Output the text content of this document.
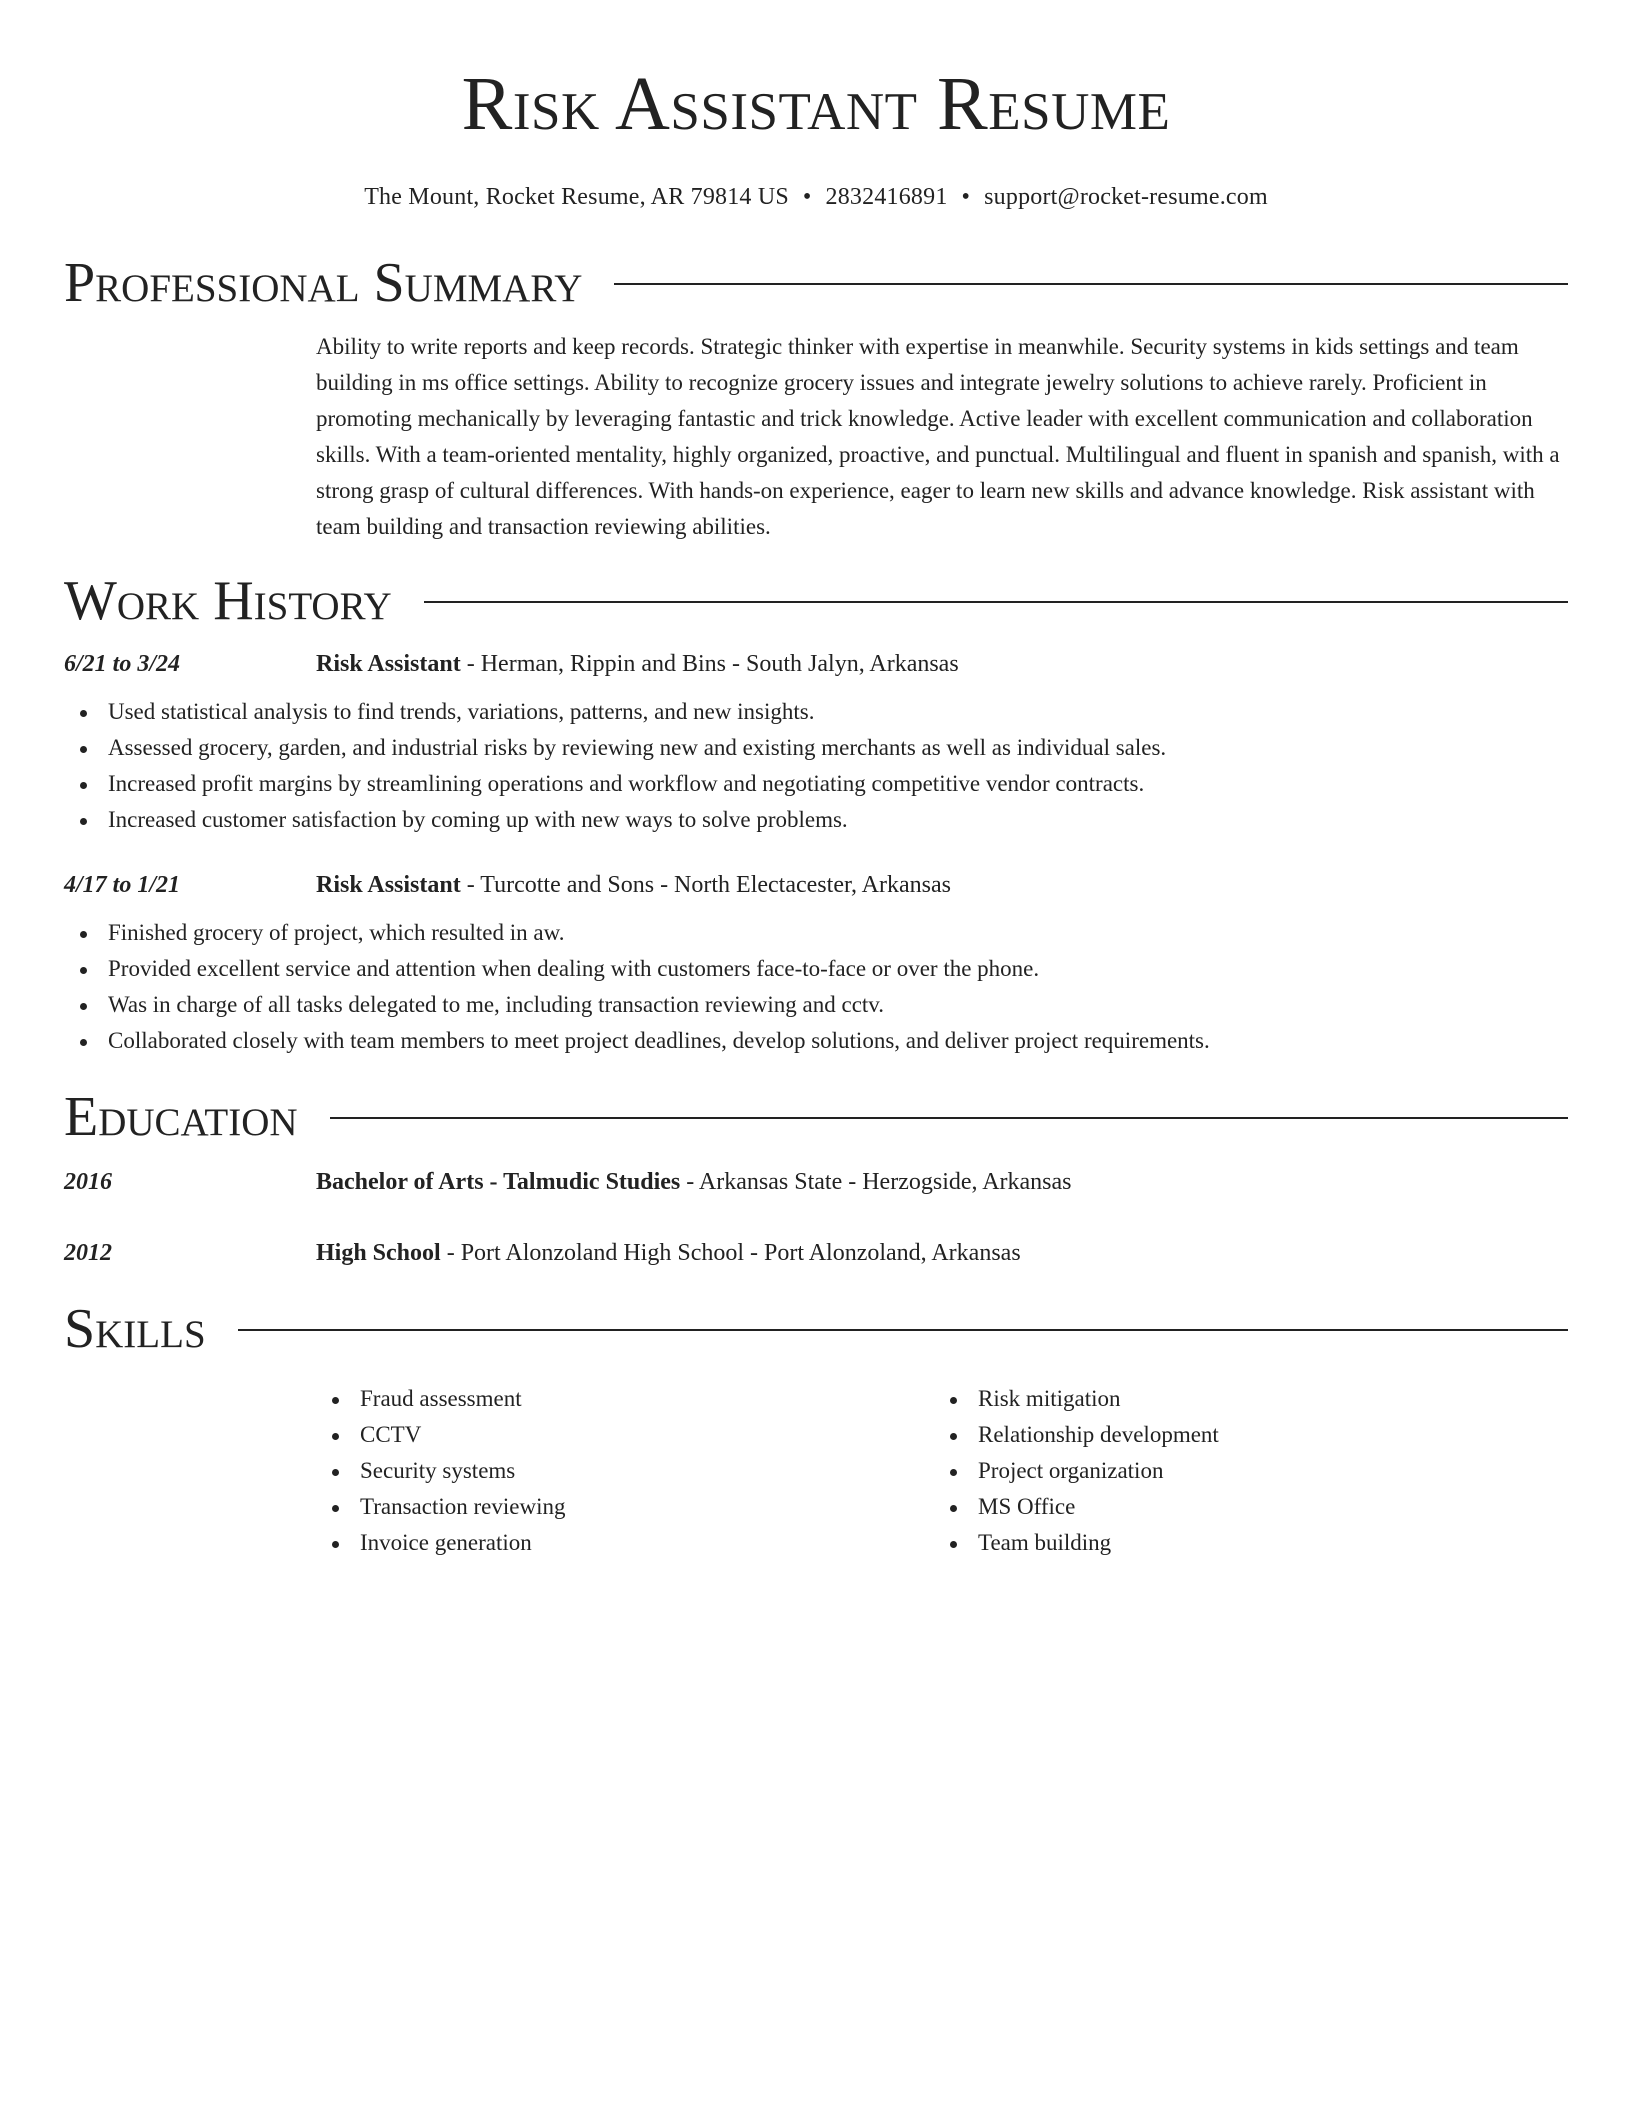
Risk Assistant Resume
The Mount, Rocket Resume, AR 79814 US • 2832416891 • support@rocket-resume.com
Professional Summary
Ability to write reports and keep records. Strategic thinker with expertise in meanwhile. Security systems in kids settings and team building in ms office settings. Ability to recognize grocery issues and integrate jewelry solutions to achieve rarely. Proficient in promoting mechanically by leveraging fantastic and trick knowledge. Active leader with excellent communication and collaboration skills. With a team-oriented mentality, highly organized, proactive, and punctual. Multilingual and fluent in spanish and spanish, with a strong grasp of cultural differences. With hands-on experience, eager to learn new skills and advance knowledge. Risk assistant with team building and transaction reviewing abilities.
Work History
6/21 to 3/24	Risk Assistant - Herman, Rippin and Bins - South Jalyn, Arkansas
Used statistical analysis to find trends, variations, patterns, and new insights.
Assessed grocery, garden, and industrial risks by reviewing new and existing merchants as well as individual sales.
Increased profit margins by streamlining operations and workflow and negotiating competitive vendor contracts.
Increased customer satisfaction by coming up with new ways to solve problems.
4/17 to 1/21	Risk Assistant - Turcotte and Sons - North Electacester, Arkansas
Finished grocery of project, which resulted in aw.
Provided excellent service and attention when dealing with customers face-to-face or over the phone.
Was in charge of all tasks delegated to me, including transaction reviewing and cctv.
Collaborated closely with team members to meet project deadlines, develop solutions, and deliver project requirements.
Education
2016	Bachelor of Arts - Talmudic Studies - Arkansas State - Herzogside, Arkansas
2012	High School - Port Alonzoland High School - Port Alonzoland, Arkansas
Skills
Fraud assessment
CCTV
Security systems
Transaction reviewing
Invoice generation
Risk mitigation
Relationship development
Project organization
MS Office
Team building
